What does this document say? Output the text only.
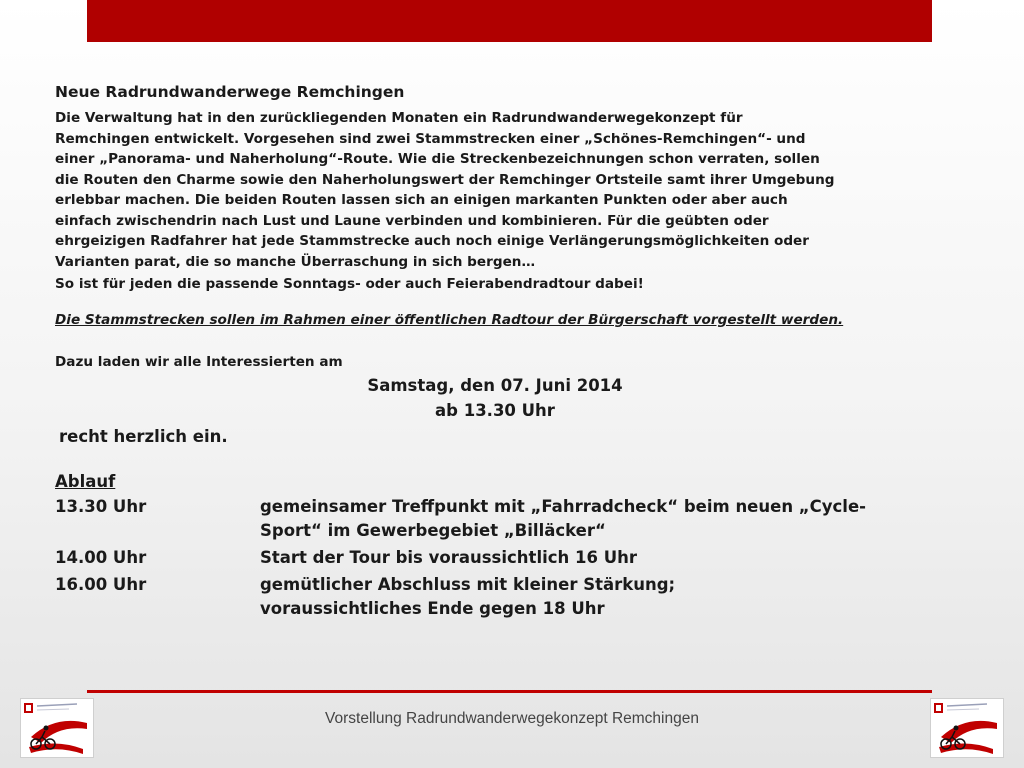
Neue Radrundwanderwege Remchingen
Die Verwaltung hat in den zurückliegenden Monaten ein Radrundwanderwegekonzept für
Remchingen entwickelt. Vorgesehen sind zwei Stammstrecken einer „Schönes-Remchingen“- und
einer „Panorama- und Naherholung“-Route. Wie die Streckenbezeichnungen schon verraten, sollen
die Routen den Charme sowie den Naherholungswert der Remchinger Ortsteile samt ihrer Umgebung
erlebbar machen. Die beiden Routen lassen sich an einigen markanten Punkten oder aber auch
einfach zwischendrin nach Lust und Laune verbinden und kombinieren. Für die geübten oder
ehrgeizigen Radfahrer hat jede Stammstrecke auch noch einige Verlängerungsmöglichkeiten oder
Varianten parat, die so manche Überraschung in sich bergen…
So ist für jeden die passende Sonntags- oder auch Feierabendradtour dabei!
Die Stammstrecken sollen im Rahmen einer öffentlichen Radtour der Bürgerschaft vorgestellt werden.
Dazu laden wir alle Interessierten am
Samstag, den 07. Juni 2014
ab 13.30 Uhr
recht herzlich ein.
Ablauf
13.30 Uhr	gemeinsamer Treffpunkt mit „Fahrradcheck“ beim neuen „Cycle-
Sport“ im Gewerbegebiet „Billäcker“
14.00 Uhr	Start der Tour bis voraussichtlich 16 Uhr
16.00 Uhr	gemütlicher Abschluss mit kleiner Stärkung;
voraussichtliches Ende gegen 18 Uhr
Vorstellung Radrundwanderwegekonzept Remchingen
